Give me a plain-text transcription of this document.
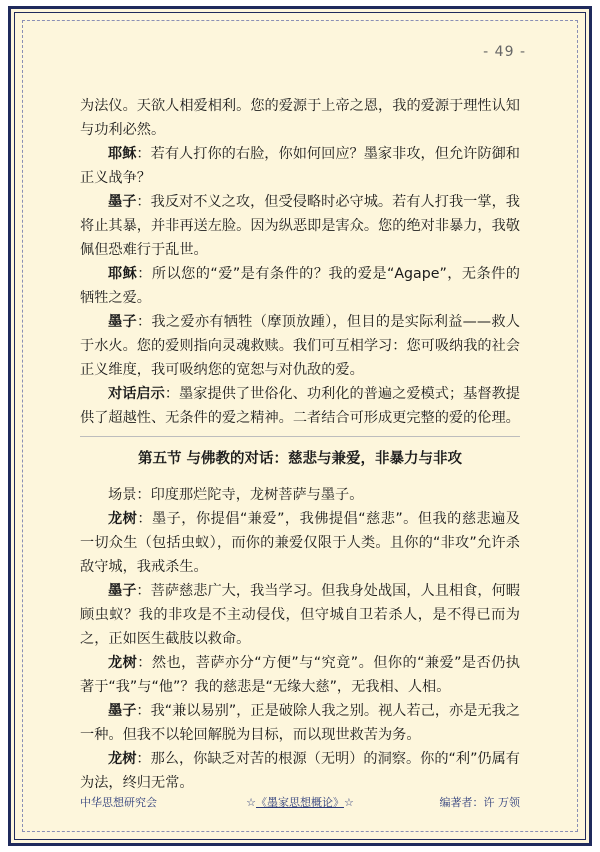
- 49 -

为法仪。天欲人相爱相利。您的爱源于上帝之恩，我的爱源于理性认知与功利必然。

耶稣：若有人打你的右脸，你如何回应？墨家非攻，但允许防御和正义战争？

墨子：我反对不义之攻，但受侵略时必守城。若有人打我一掌，我将止其暴，并非再送左脸。因为纵恶即是害众。您的绝对非暴力，我敬佩但恐难行于乱世。

耶稣：所以您的“爱”是有条件的？我的爱是“Agape”，无条件的牺牲之爱。

墨子：我之爱亦有牺牲（摩顶放踵），但目的是实际利益——救人于水火。您的爱则指向灵魂救赎。我们可互相学习：您可吸纳我的社会正义维度，我可吸纳您的宽恕与对仇敌的爱。

对话启示：墨家提供了世俗化、功利化的普遍之爱模式；基督教提供了超越性、无条件的爱之精神。二者结合可形成更完整的爱的伦理。

第五节 与佛教的对话：慈悲与兼爱，非暴力与非攻

场景：印度那烂陀寺，龙树菩萨与墨子。

龙树：墨子，你提倡“兼爱”，我佛提倡“慈悲”。但我的慈悲遍及一切众生（包括虫蚁），而你的兼爱仅限于人类。且你的“非攻”允许杀敌守城，我戒杀生。

墨子：菩萨慈悲广大，我当学习。但我身处战国，人且相食，何暇顾虫蚁？我的非攻是不主动侵伐，但守城自卫若杀人，是不得已而为之，正如医生截肢以救命。

龙树：然也，菩萨亦分“方便”与“究竟”。但你的“兼爱”是否仍执著于“我”与“他”？我的慈悲是“无缘大慈”，无我相、人相。

墨子：我“兼以易别”，正是破除人我之别。视人若己，亦是无我之一种。但我不以轮回解脱为目标，而以现世救苦为务。

龙树：那么，你缺乏对苦的根源（无明）的洞察。你的“利”仍属有为法，终归无常。

中华思想研究会	☆《墨家思想概论》☆	编著者：许 万领
